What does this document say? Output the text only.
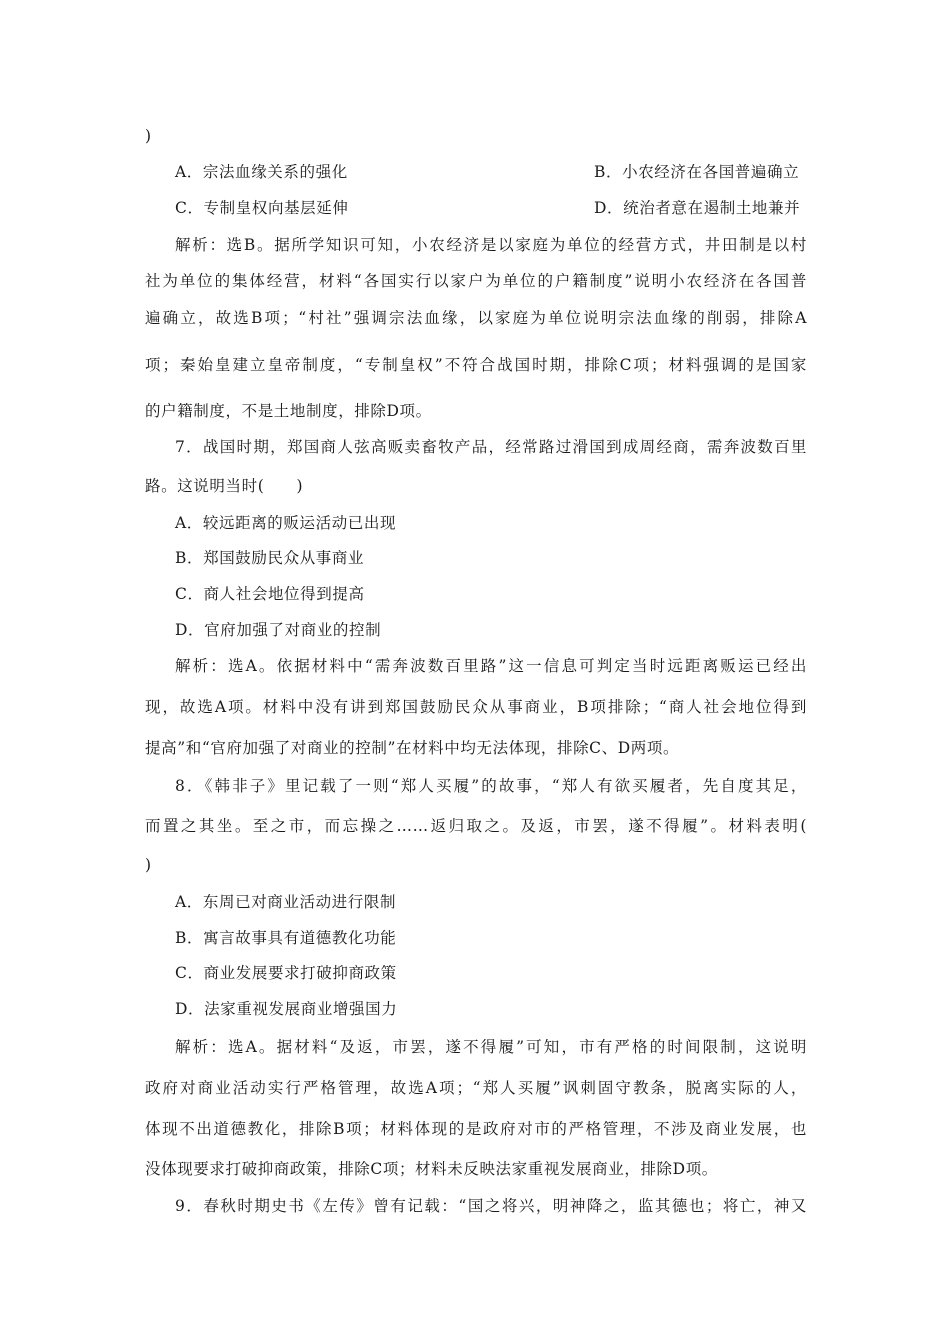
)
A．宗法血缘关系的强化	B．小农经济在各国普遍确立
C．专制皇权向基层延伸	D．统治者意在遏制土地兼并
解析：选B。据所学知识可知，小农经济是以家庭为单位的经营方式，井田制是以村
社为单位的集体经营，材料“各国实行以家户为单位的户籍制度”说明小农经济在各国普
遍确立，故选B项；“村社”强调宗法血缘，以家庭为单位说明宗法血缘的削弱，排除A
项；秦始皇建立皇帝制度，“专制皇权”不符合战国时期，排除C项；材料强调的是国家
的户籍制度，不是土地制度，排除D项。
7．战国时期，郑国商人弦高贩卖畜牧产品，经常路过滑国到成周经商，需奔波数百里
路。这说明当时(　　)
A．较远距离的贩运活动已出现
B．郑国鼓励民众从事商业
C．商人社会地位得到提高
D．官府加强了对商业的控制
解析：选A。依据材料中“需奔波数百里路”这一信息可判定当时远距离贩运已经出
现，故选A项。材料中没有讲到郑国鼓励民众从事商业，B项排除；“商人社会地位得到
提高”和“官府加强了对商业的控制”在材料中均无法体现，排除C、D两项。
8．《韩非子》里记载了一则“郑人买履”的故事，“郑人有欲买履者，先自度其足，
而置之其坐。至之市，而忘操之……返归取之。及返，市罢，遂不得履”。材料表明(
)
A．东周已对商业活动进行限制
B．寓言故事具有道德教化功能
C．商业发展要求打破抑商政策
D．法家重视发展商业增强国力
解析：选A。据材料“及返，市罢，遂不得履”可知，市有严格的时间限制，这说明
政府对商业活动实行严格管理，故选A项；“郑人买履”讽刺固守教条，脱离实际的人，
体现不出道德教化，排除B项；材料体现的是政府对市的严格管理，不涉及商业发展，也
没体现要求打破抑商政策，排除C项；材料未反映法家重视发展商业，排除D项。
9．春秋时期史书《左传》曾有记载：“国之将兴，明神降之，监其德也；将亡，神又
